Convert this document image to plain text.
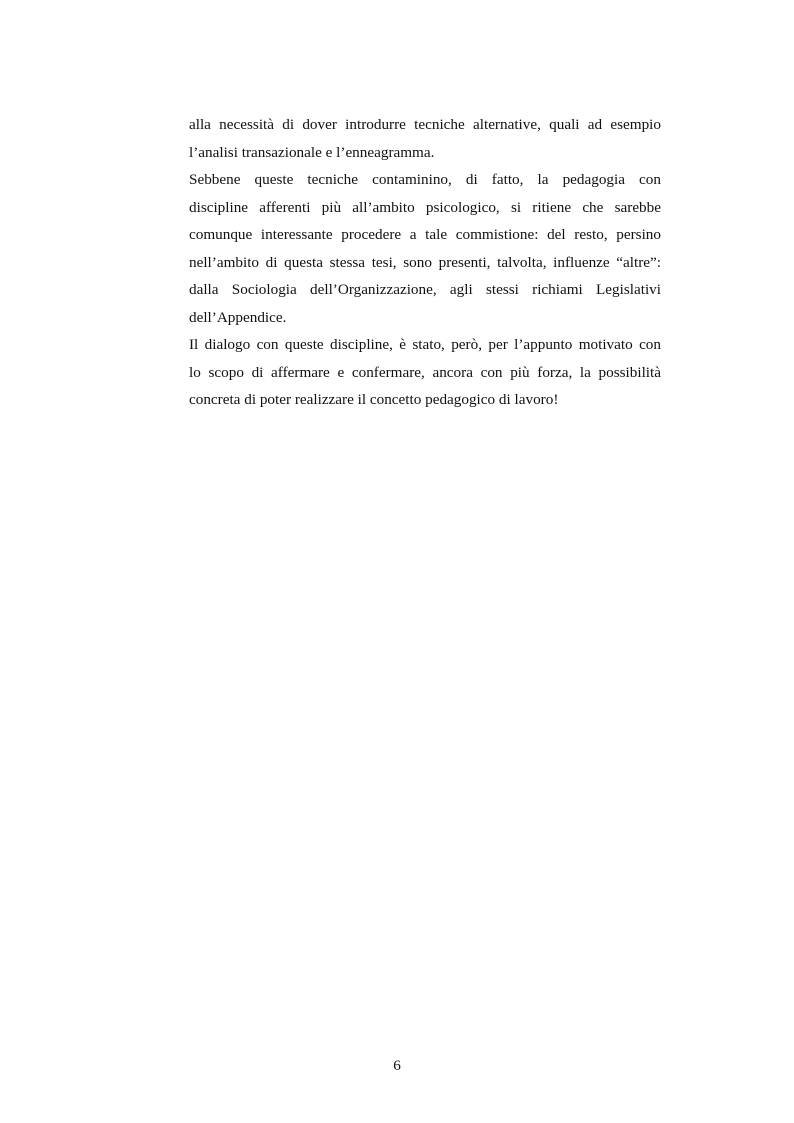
alla necessità di dover introdurre tecniche alternative, quali ad esempio
l’analisi transazionale e l’enneagramma.
Sebbene queste tecniche contaminino, di fatto, la pedagogia con
discipline afferenti più all’ambito psicologico, si ritiene che sarebbe
comunque interessante procedere a tale commistione: del resto, persino
nell’ambito di questa stessa tesi, sono presenti, talvolta, influenze “altre”:
dalla Sociologia dell’Organizzazione, agli stessi richiami Legislativi
dell’Appendice.
Il dialogo con queste discipline, è stato, però, per l’appunto motivato con
lo scopo di affermare e confermare, ancora con più forza, la possibilità
concreta di poter realizzare il concetto pedagogico di lavoro!
6
